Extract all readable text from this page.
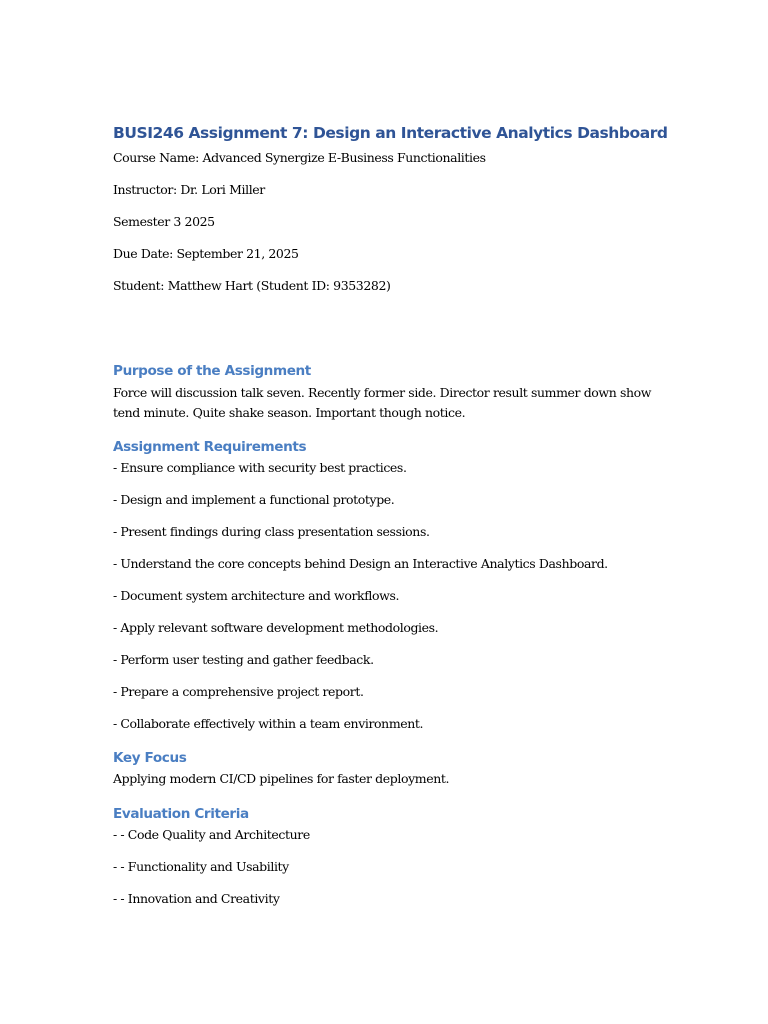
BUSI246 Assignment 7: Design an Interactive Analytics Dashboard

Course Name: Advanced Synergize E-Business Functionalities

Instructor: Dr. Lori Miller

Semester 3 2025

Due Date: September 21, 2025

Student: Matthew Hart (Student ID: 9353282)

Purpose of the Assignment

Force will discussion talk seven. Recently former side. Director result summer down show tend minute. Quite shake season. Important though notice.

Assignment Requirements

- Ensure compliance with security best practices.

- Design and implement a functional prototype.

- Present findings during class presentation sessions.

- Understand the core concepts behind Design an Interactive Analytics Dashboard.

- Document system architecture and workflows.

- Apply relevant software development methodologies.

- Perform user testing and gather feedback.

- Prepare a comprehensive project report.

- Collaborate effectively within a team environment.

Key Focus

Applying modern CI/CD pipelines for faster deployment.

Evaluation Criteria

- - Code Quality and Architecture

- - Functionality and Usability

- - Innovation and Creativity
